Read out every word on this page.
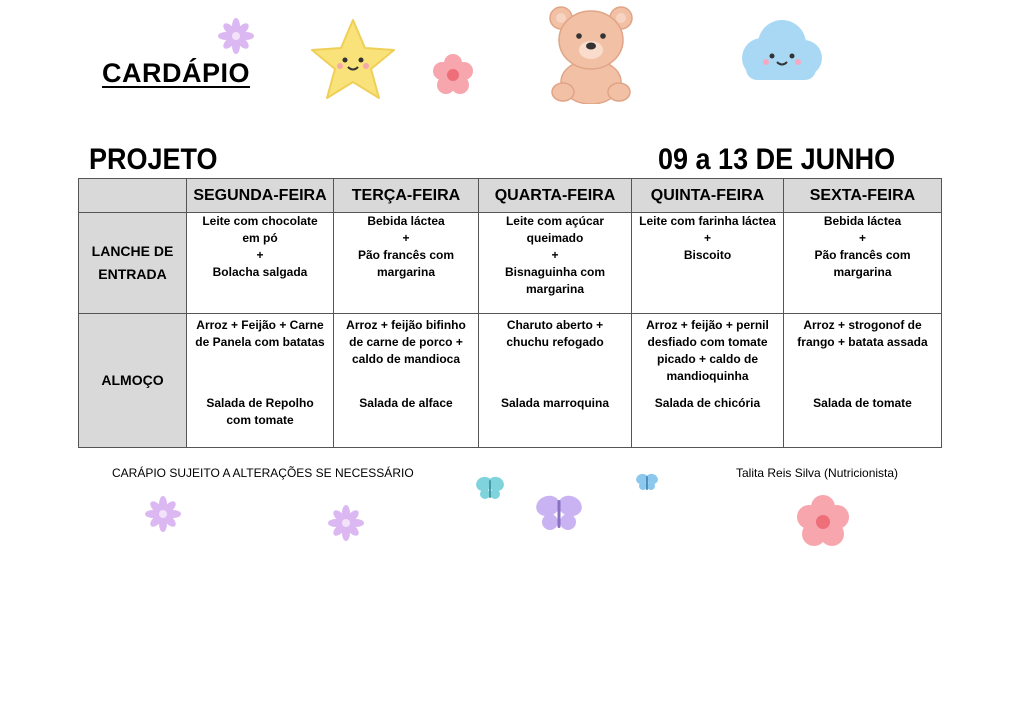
CARDÁPIO
PROJETO	09 a 13 DE JUNHO
	SEGUNDA-FEIRA	TERÇA-FEIRA	QUARTA-FEIRA	QUINTA-FEIRA	SEXTA-FEIRA

LANCHE DE
ENTRADA	Leite com chocolate
em pó
+
Bolacha salgada	Bebida láctea
+
Pão francês com
margarina	Leite com açúcar
queimado
+
Bisnaguinha com
margarina	Leite com farinha láctea
+
Biscoito	Bebida láctea
+
Pão francês com
margarina

ALMOÇO	Arroz + Feijão + Carne
de Panela com batatas
Salada de Repolho
com tomate	Arroz + feijão bifinho
de carne de porco +
caldo de mandioca
Salada de alface	Charuto aberto +
chuchu refogado
Salada marroquina	Arroz + feijão + pernil
desfiado com tomate
picado + caldo de
mandioquinha
Salada de chicória	Arroz + strogonof de
frango + batata assada
Salada de tomate
CARÁPIO SUJEITO A ALTERAÇÕES SE NECESSÁRIO	Talita Reis Silva (Nutricionista)
